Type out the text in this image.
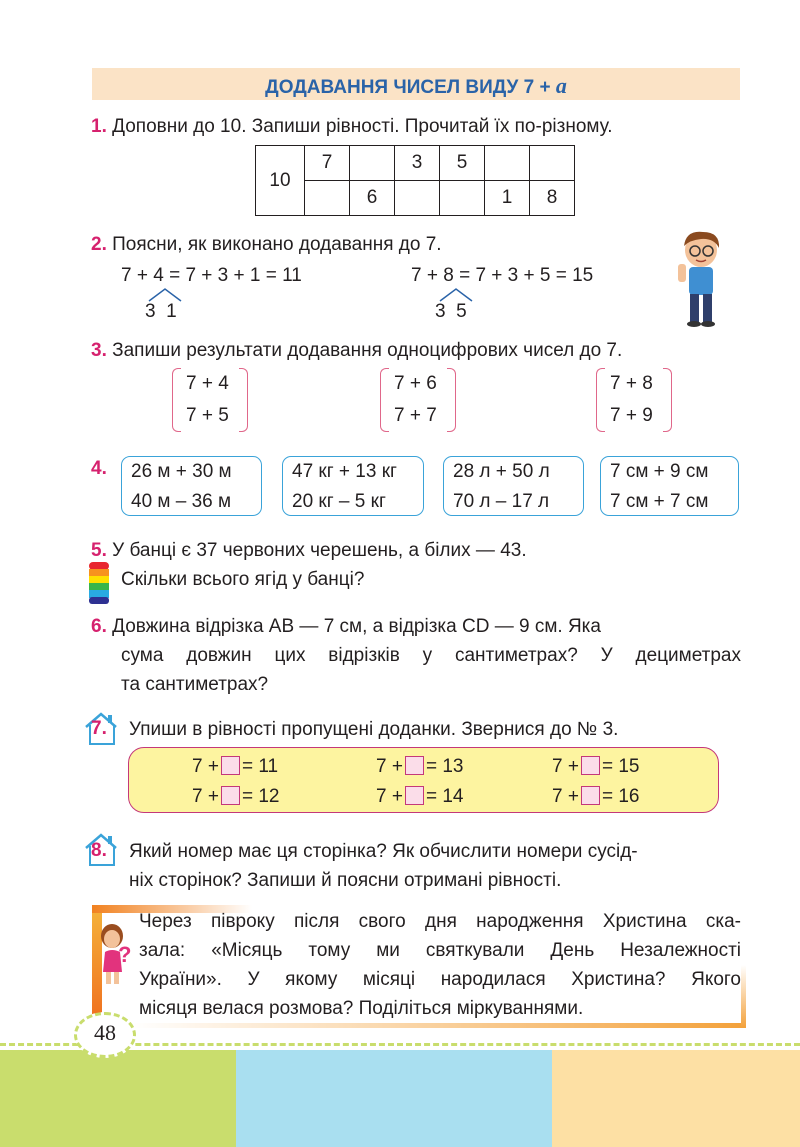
ДОДАВАННЯ ЧИСЕЛ ВИДУ 7 + a
1. Доповни до 10. Запиши рівності. Прочитай їх по-різному.
10	7		3	5		
		6			1	8
2. Поясни, як виконано додавання до 7.
7 + 4 = 7 + 3 + 1 = 11
3  1
7 + 8 = 7 + 3 + 5 = 15
3  5
3. Запиши результати додавання одноцифрових чисел до 7.
7 + 4
7 + 5
7 + 6
7 + 7
7 + 8
7 + 9
4. 26 м + 30 м
40 м – 36 м
47 кг + 13 кг
20 кг – 5 кг
28 л + 50 л
70 л – 17 л
7 см + 9 см
7 см + 7 см
5. У банці є 37 червоних черешень, а білих — 43.
Скільки всього ягід у банці?
6. Довжина відрізка AB — 7 см, а відрізка CD — 9 см. Яка
сума довжин цих відрізків у сантиметрах? У дециметрах
та сантиметрах?
7. Упиши в рівності пропущені доданки. Звернися до № 3.
7 + = 11	7 + = 13	7 + = 15
7 + = 12	7 + = 14	7 + = 16
8. Який номер має ця сторінка? Як обчислити номери сусід-
ніх сторінок? Запиши й поясни отримані рівності.
?
Через півроку після свого дня народження Христина ска-
зала: «Місяць тому ми святкували День Незалежності
України». У якому місяці народилася Христина? Якого
місяця велася розмова? Поділіться міркуваннями.
48
